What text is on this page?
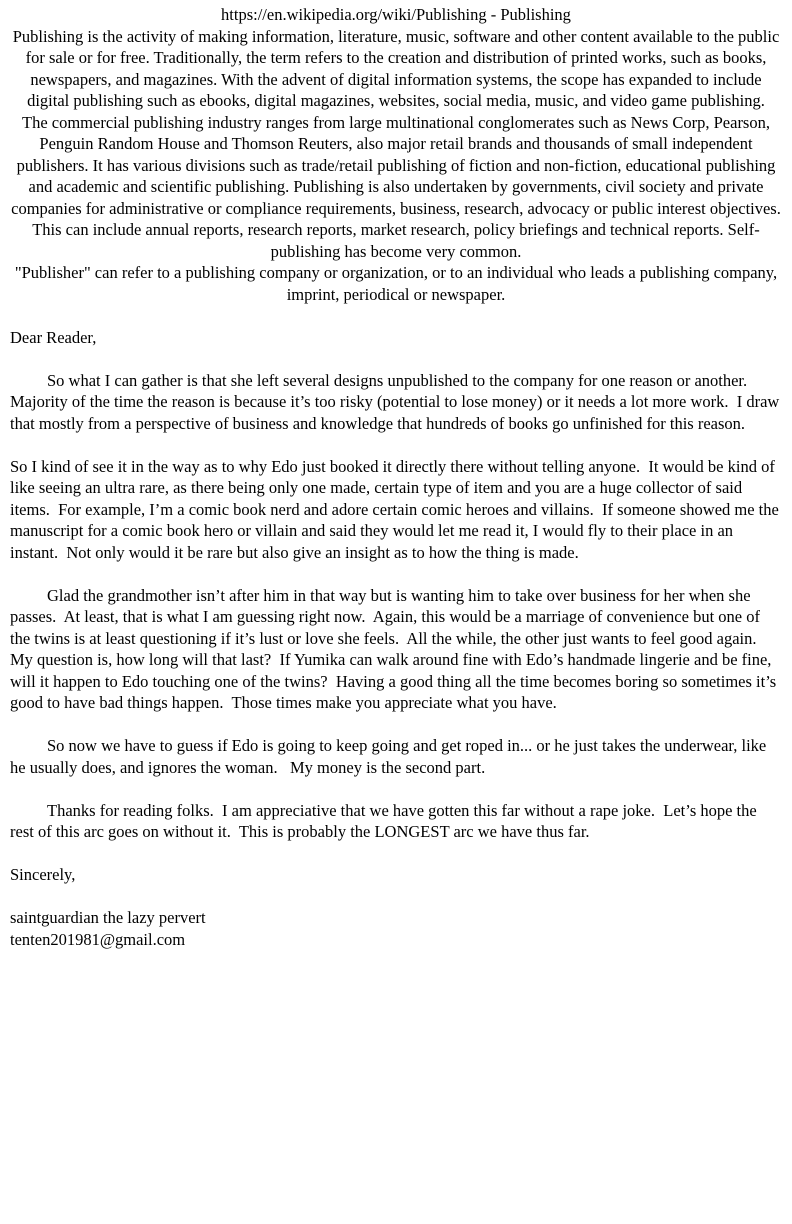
https://en.wikipedia.org/wiki/Publishing - Publishing

Publishing is the activity of making information, literature, music, software and other content available to the public for sale or for free. Traditionally, the term refers to the creation and distribution of printed works, such as books, newspapers, and magazines. With the advent of digital information systems, the scope has expanded to include digital publishing such as ebooks, digital magazines, websites, social media, music, and video game publishing.

The commercial publishing industry ranges from large multinational conglomerates such as News Corp, Pearson, Penguin Random House and Thomson Reuters, also major retail brands and thousands of small independent publishers. It has various divisions such as trade/retail publishing of fiction and non-fiction, educational publishing and academic and scientific publishing. Publishing is also undertaken by governments, civil society and private companies for administrative or compliance requirements, business, research, advocacy or public interest objectives. This can include annual reports, research reports, market research, policy briefings and technical reports. Self-publishing has become very common.

"Publisher" can refer to a publishing company or organization, or to an individual who leads a publishing company, imprint, periodical or newspaper.

Dear Reader,

So what I can gather is that she left several designs unpublished to the company for one reason or another.  Majority of the time the reason is because it’s too risky (potential to lose money) or it needs a lot more work.  I draw that mostly from a perspective of business and knowledge that hundreds of books go unfinished for this reason.

So I kind of see it in the way as to why Edo just booked it directly there without telling anyone.  It would be kind of like seeing an ultra rare, as there being only one made, certain type of item and you are a huge collector of said items.  For example, I’m a comic book nerd and adore certain comic heroes and villains.  If someone showed me the manuscript for a comic book hero or villain and said they would let me read it, I would fly to their place in an instant.  Not only would it be rare but also give an insight as to how the thing is made.

Glad the grandmother isn’t after him in that way but is wanting him to take over business for her when she passes.  At least, that is what I am guessing right now.  Again, this would be a marriage of convenience but one of the twins is at least questioning if it’s lust or love she feels.  All the while, the other just wants to feel good again.  My question is, how long will that last?  If Yumika can walk around fine with Edo’s handmade lingerie and be fine, will it happen to Edo touching one of the twins?  Having a good thing all the time becomes boring so sometimes it’s good to have bad things happen.  Those times make you appreciate what you have.

So now we have to guess if Edo is going to keep going and get roped in... or he just takes the underwear, like he usually does, and ignores the woman.   My money is the second part.

Thanks for reading folks.  I am appreciative that we have gotten this far without a rape joke.  Let’s hope the rest of this arc goes on without it.  This is probably the LONGEST arc we have thus far.

Sincerely,

saintguardian the lazy pervert

tenten201981@gmail.com
